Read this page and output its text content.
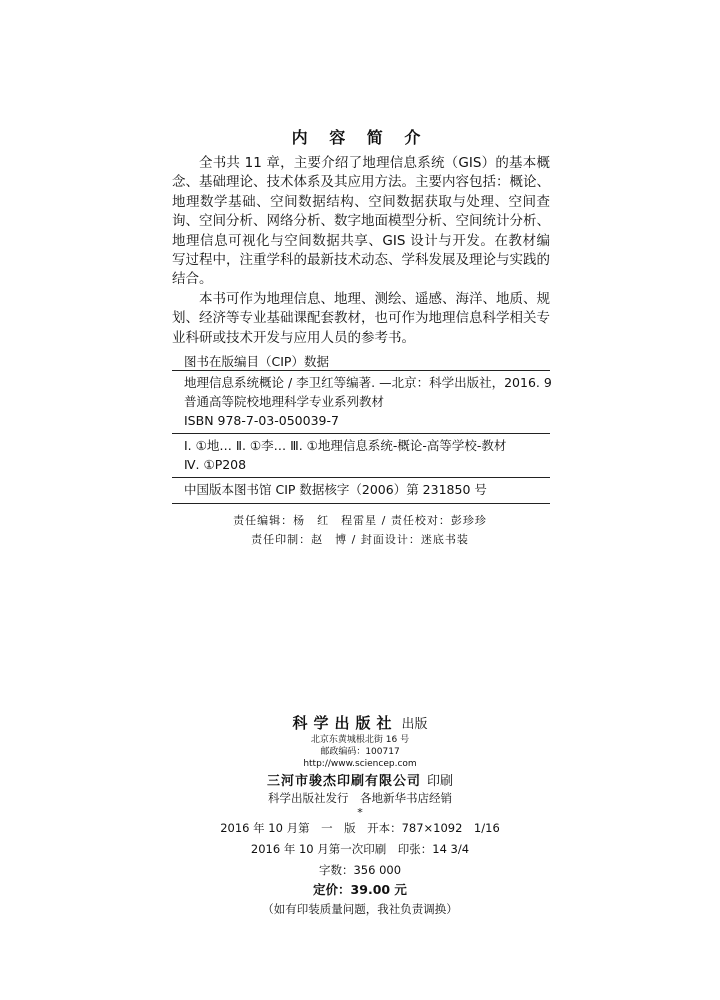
内 容 简 介

全书共 11 章，主要介绍了地理信息系统（GIS）的基本概念、基础理论、技术体系及其应用方法。主要内容包括：概论、地理数学基础、空间数据结构、空间数据获取与处理、空间查询、空间分析、网络分析、数字地面模型分析、空间统计分析、地理信息可视化与空间数据共享、GIS 设计与开发。在教材编写过程中，注重学科的最新技术动态、学科发展及理论与实践的结合。

本书可作为地理信息、地理、测绘、遥感、海洋、地质、规划、经济等专业基础课配套教材，也可作为地理信息科学相关专业科研或技术开发与应用人员的参考书。

图书在版编目（CIP）数据
地理信息系统概论 / 李卫红等编著. —北京：科学出版社，2016. 9
普通高等院校地理科学专业系列教材
ISBN 978-7-03-050039-7
Ⅰ. ①地… Ⅱ. ①李… Ⅲ. ①地理信息系统-概论-高等学校-教材
Ⅳ. ①P208
中国版本图书馆 CIP 数据核字（2006）第 231850 号
责任编辑：杨　红　程雷星 / 责任校对：彭珍珍
责任印制：赵　博 / 封面设计：迷底书装
科学出版社 出版
北京东黄城根北街 16 号
邮政编码：100717
http://www.sciencep.com
三河市骏杰印刷有限公司 印刷
科学出版社发行　各地新华书店经销
*
2016 年 10 月第　一　版　开本：787×1092　1/16
2016 年 10 月第一次印刷　印张：14 3/4
字数：356 000
定价：39.00 元
（如有印装质量问题，我社负责调换）
